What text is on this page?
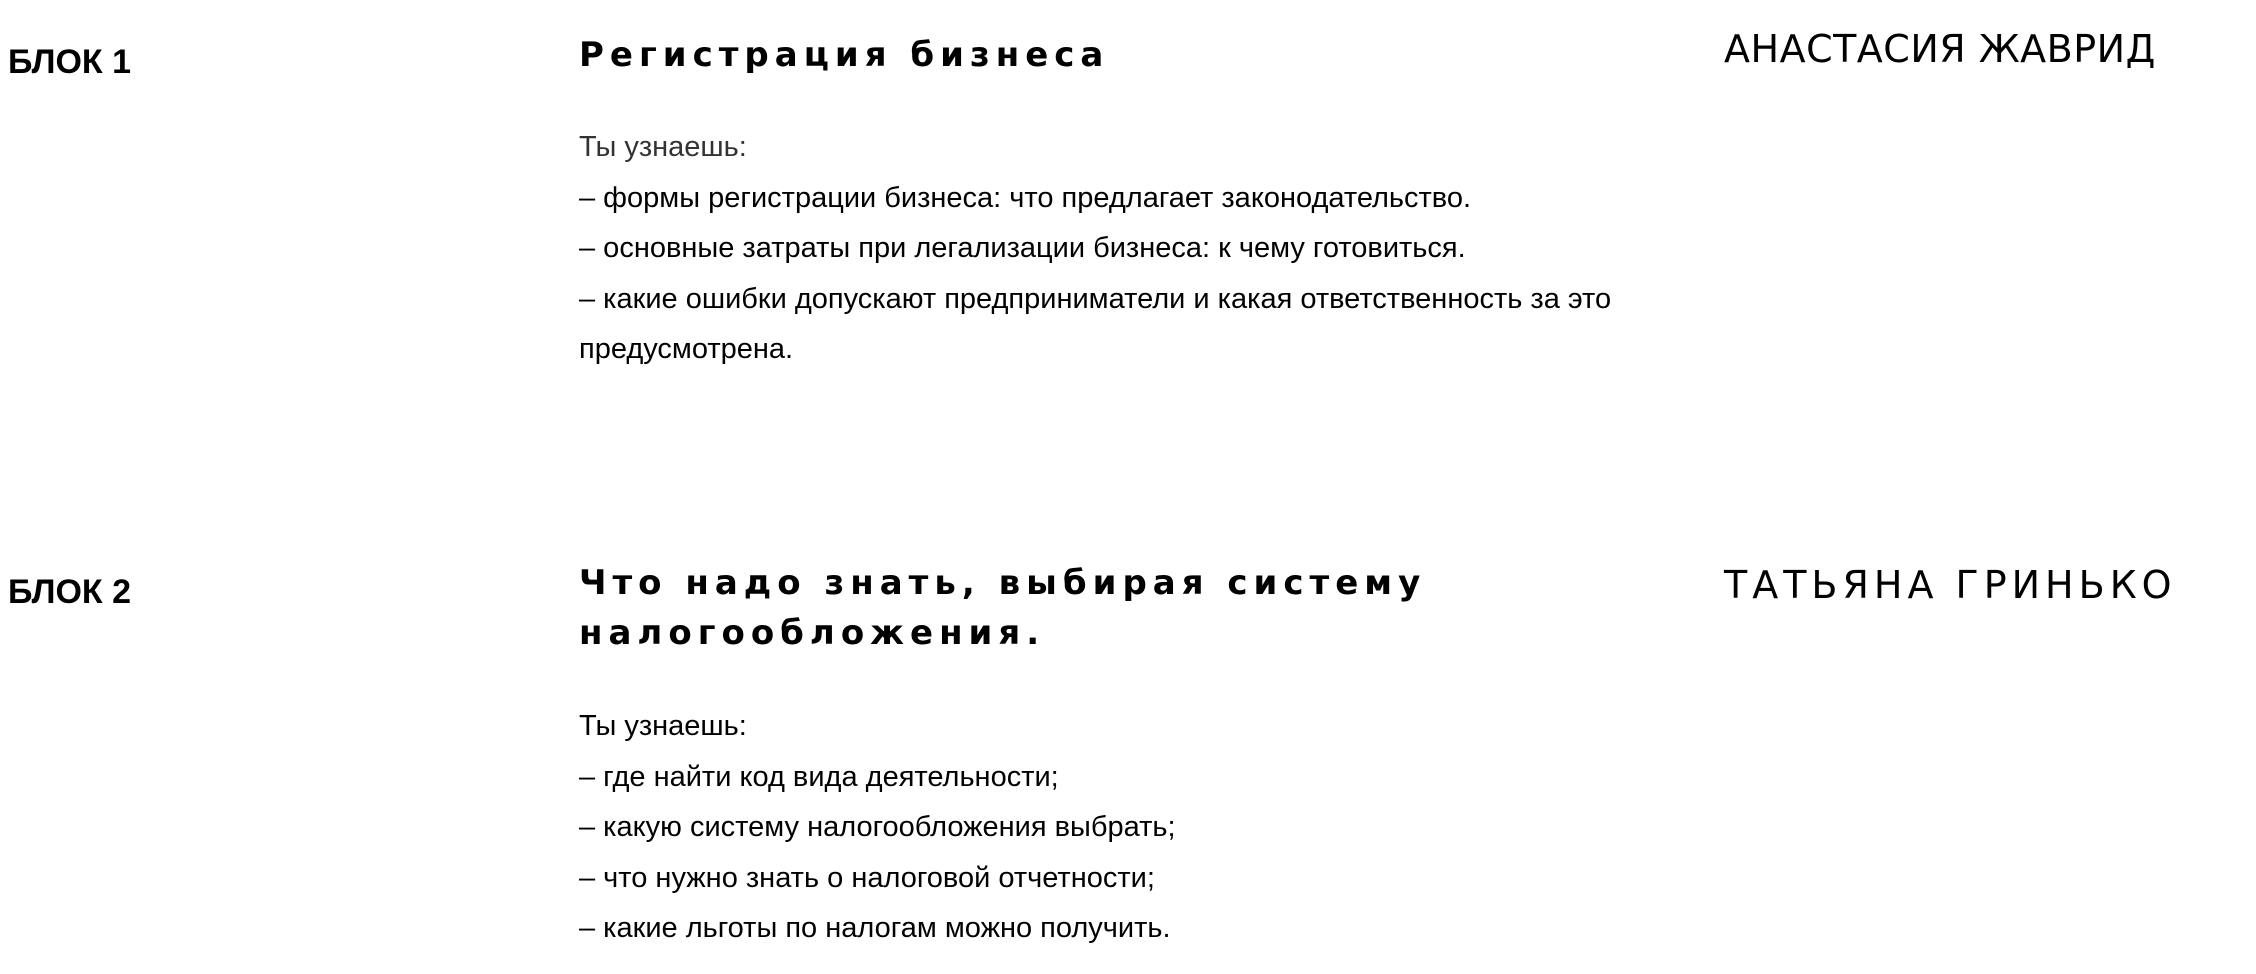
БЛОК 1	Регистрация бизнеса
Ты узнаешь:
– формы регистрации бизнеса: что предлагает законодательство.
– основные затраты при легализации бизнеса: к чему готовиться.
– какие ошибки допускают предприниматели и какая ответственность за это предусмотрена.
АНАСТАСИЯ ЖАВРИД
БЛОК 2	Что надо знать, выбирая систему налогообложения.
Ты узнаешь:
– где найти код вида деятельности;
– какую систему налогообложения выбрать;
– что нужно знать о налоговой отчетности;
– какие льготы по налогам можно получить.
ТАТЬЯНА ГРИНЬКО
